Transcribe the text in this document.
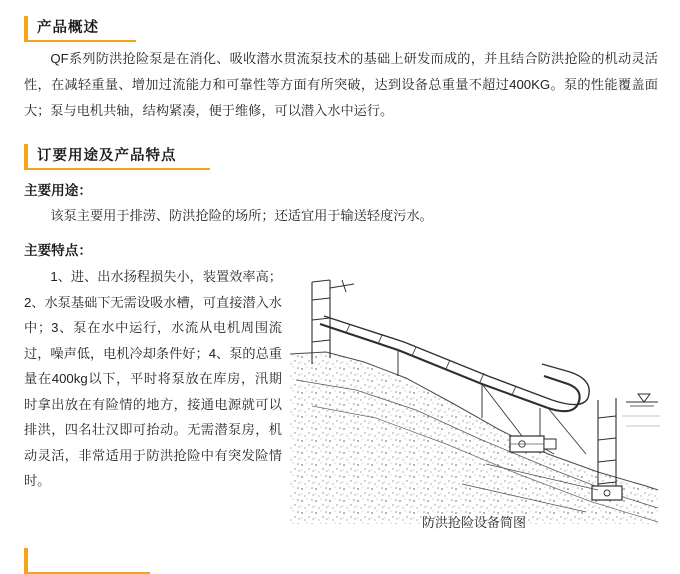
产品概述
QF系列防洪抢险泵是在消化、吸收潜水贯流泵技术的基础上研发而成的，并且结合防洪抢险的机动灵活性，在减轻重量、增加过流能力和可靠性等方面有所突破，达到设备总重量不超过400KG。泵的性能覆盖面大；泵与电机共轴，结构紧凑，便于维修，可以潜入水中运行。
订要用途及产品特点
主要用途：
该泵主要用于排涝、防洪抢险的场所；还适宜用于输送轻度污水。
主要特点：
1、进、出水扬程损失小，装置效率高；2、水泵基础下无需设吸水槽，可直接潜入水中；3、泵在水中运行，水流从电机周围流过，噪声低，电机冷却条件好；4、泵的总重量在400kg以下，平时将泵放在库房，汛期时拿出放在有险情的地方，接通电源就可以排洪，四名壮汉即可抬动。无需潜泵房，机动灵活，非常适用于防洪抢险中有突发险情时。
防洪抢险设备简图
